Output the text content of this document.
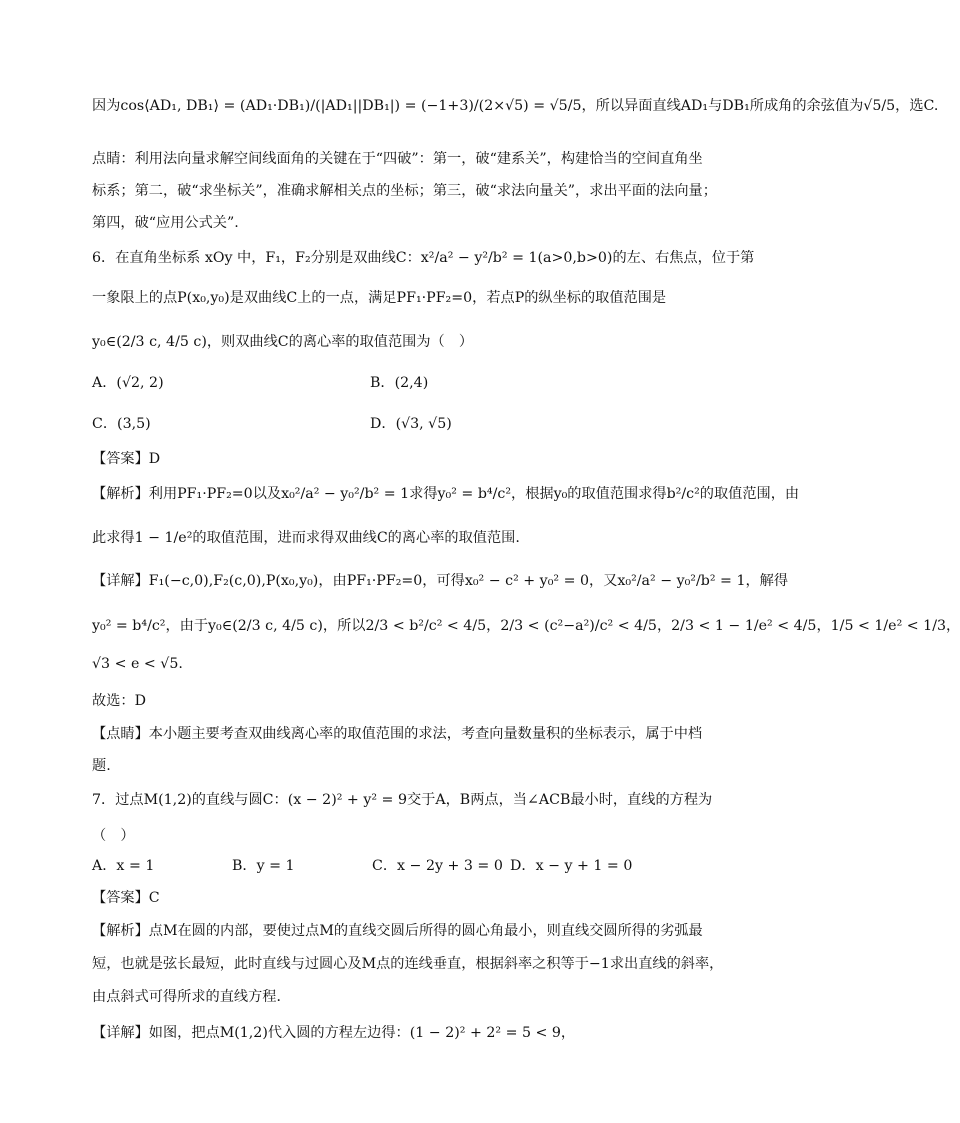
因为cos⟨AD₁, DB₁⟩ = (AD₁·DB₁)/(|AD₁||DB₁|) = (−1+3)/(2×√5) = √5/5，所以异面直线AD₁与DB₁所成角的余弦值为√5/5，选C.
点睛：利用法向量求解空间线面角的关键在于“四破”：第一，破“建系关”，构建恰当的空间直角坐
标系；第二，破“求坐标关”，准确求解相关点的坐标；第三，破“求法向量关”，求出平面的法向量；
第四，破“应用公式关”.
6．在直角坐标系 xOy 中，F₁，F₂分别是双曲线C：x²/a² − y²/b² = 1(a>0,b>0)的左、右焦点，位于第
一象限上的点P(x₀,y₀)是双曲线C上的一点，满足PF₁·PF₂=0，若点P的纵坐标的取值范围是
y₀∈(2/3 c, 4/5 c)，则双曲线C的离心率的取值范围为（　）
A．(√2, 2)
C．(3,5)
【答案】D
【解析】利用PF₁·PF₂=0以及x₀²/a² − y₀²/b² = 1求得y₀² = b⁴/c²，根据y₀的取值范围求得b²/c²的取值范围，由
此求得1 − 1/e²的取值范围，进而求得双曲线C的离心率的取值范围.
【详解】F₁(−c,0),F₂(c,0),P(x₀,y₀)，由PF₁·PF₂=0，可得x₀² − c² + y₀² = 0，又x₀²/a² − y₀²/b² = 1，解得
y₀² = b⁴/c²，由于y₀∈(2/3 c, 4/5 c)，所以2/3 < b²/c² < 4/5，2/3 < (c²−a²)/c² < 4/5，2/3 < 1 − 1/e² < 4/5，1/5 < 1/e² < 1/3，
√3 < e < √5.
故选：D
【点睛】本小题主要考查双曲线离心率的取值范围的求法，考查向量数量积的坐标表示，属于中档
题.
7．过点M(1,2)的直线与圆C：(x − 2)² + y² = 9交于A，B两点，当∠ACB最小时，直线的方程为
（　）
【答案】C
【解析】点M在圆的内部，要使过点M的直线交圆后所得的圆心角最小，则直线交圆所得的劣弧最
短，也就是弦长最短，此时直线与过圆心及M点的连线垂直，根据斜率之积等于−1求出直线的斜率，
由点斜式可得所求的直线方程．
【详解】如图，把点M(1,2)代入圆的方程左边得：(1 − 2)² + 2² = 5 < 9，
B．(2,4)
D．(√3, √5)
A．x = 1	B．y = 1	C．x − 2y + 3 = 0 D．x − y + 1 = 0
